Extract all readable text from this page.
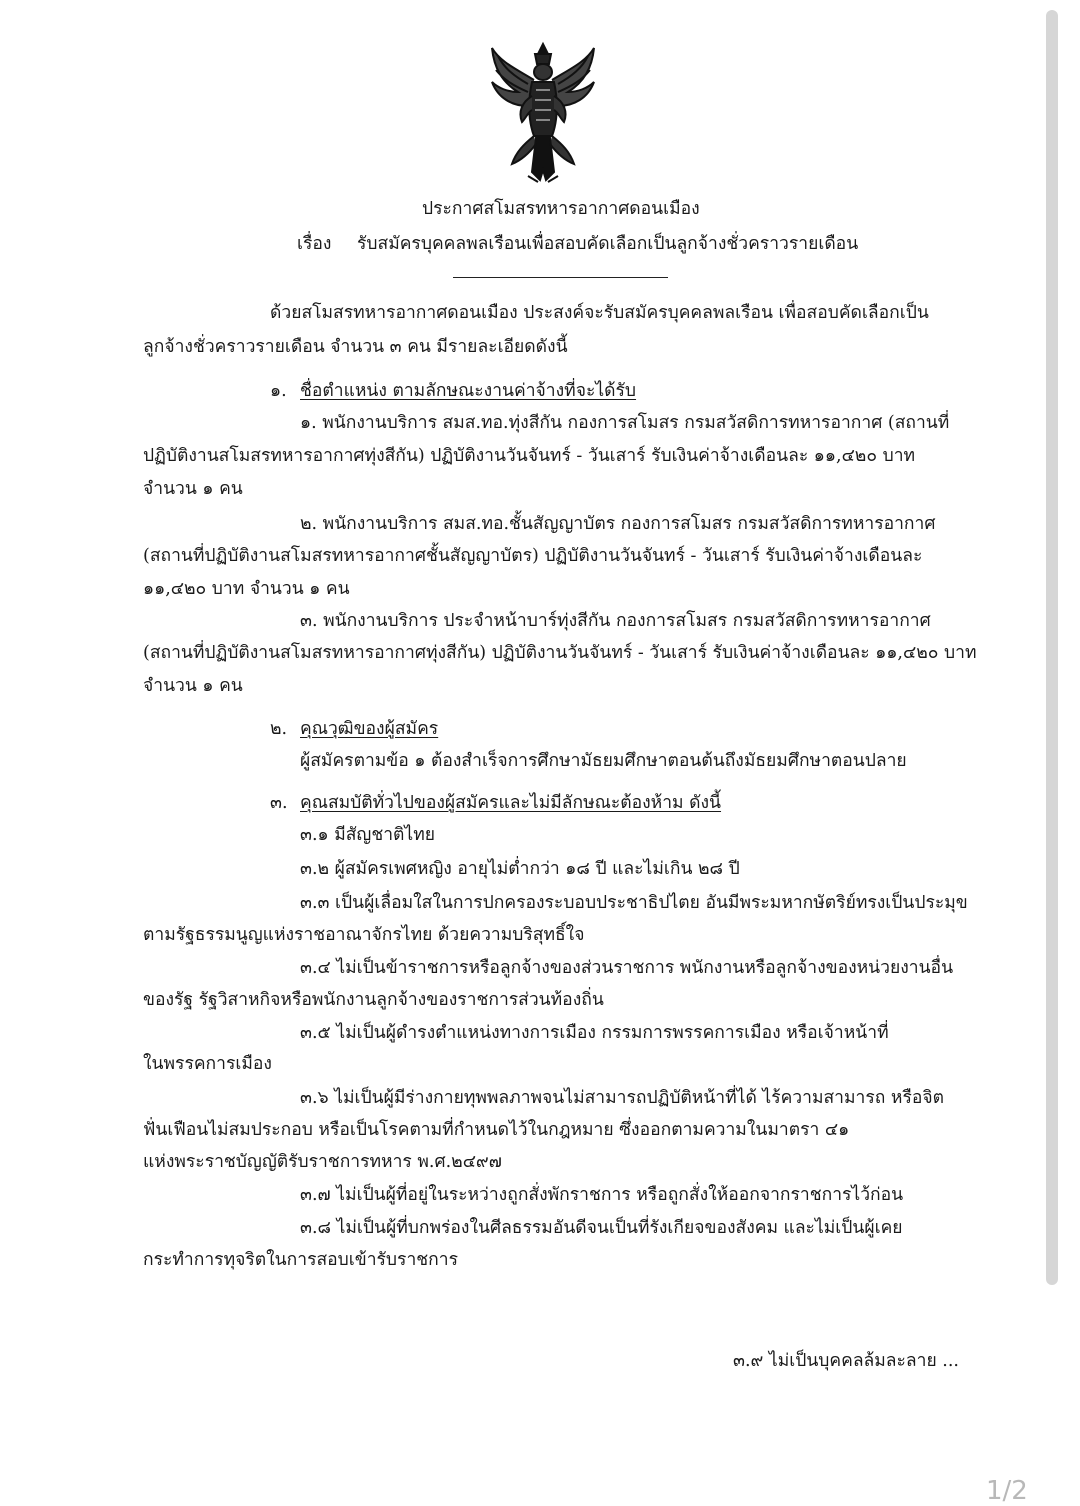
ประกาศสโมสรทหารอากาศดอนเมือง
เรื่อง รับสมัครบุคคลพลเรือนเพื่อสอบคัดเลือกเป็นลูกจ้างชั่วคราวรายเดือน
ด้วยสโมสรทหารอากาศดอนเมือง ประสงค์จะรับสมัครบุคคลพลเรือน เพื่อสอบคัดเลือกเป็น
ลูกจ้างชั่วคราวรายเดือน จำนวน ๓ คน มีรายละเอียดดังนี้
๑. ชื่อตำแหน่ง ตามลักษณะงานค่าจ้างที่จะได้รับ
๑. พนักงานบริการ สมส.ทอ.ทุ่งสีกัน กองการสโมสร กรมสวัสดิการทหารอากาศ (สถานที่
ปฏิบัติงานสโมสรทหารอากาศทุ่งสีกัน) ปฏิบัติงานวันจันทร์ - วันเสาร์ รับเงินค่าจ้างเดือนละ ๑๑,๔๒๐ บาท
จำนวน ๑ คน
๒. พนักงานบริการ สมส.ทอ.ชั้นสัญญาบัตร กองการสโมสร กรมสวัสดิการทหารอากาศ
(สถานที่ปฏิบัติงานสโมสรทหารอากาศชั้นสัญญาบัตร) ปฏิบัติงานวันจันทร์ - วันเสาร์ รับเงินค่าจ้างเดือนละ
๑๑,๔๒๐ บาท จำนวน ๑ คน
๓. พนักงานบริการ ประจำหน้าบาร์ทุ่งสีกัน กองการสโมสร กรมสวัสดิการทหารอากาศ
(สถานที่ปฏิบัติงานสโมสรทหารอากาศทุ่งสีกัน) ปฏิบัติงานวันจันทร์ - วันเสาร์ รับเงินค่าจ้างเดือนละ ๑๑,๔๒๐ บาท
จำนวน ๑ คน
๒. คุณวุฒิของผู้สมัคร
ผู้สมัครตามข้อ ๑ ต้องสำเร็จการศึกษามัธยมศึกษาตอนต้นถึงมัธยมศึกษาตอนปลาย
๓. คุณสมบัติทั่วไปของผู้สมัครและไม่มีลักษณะต้องห้าม ดังนี้
๓.๑ มีสัญชาติไทย
๓.๒ ผู้สมัครเพศหญิง อายุไม่ต่ำกว่า ๑๘ ปี และไม่เกิน ๒๘ ปี
๓.๓ เป็นผู้เลื่อมใสในการปกครองระบอบประชาธิปไตย อันมีพระมหากษัตริย์ทรงเป็นประมุข
ตามรัฐธรรมนูญแห่งราชอาณาจักรไทย ด้วยความบริสุทธิ์ใจ
๓.๔ ไม่เป็นข้าราชการหรือลูกจ้างของส่วนราชการ พนักงานหรือลูกจ้างของหน่วยงานอื่น
ของรัฐ รัฐวิสาหกิจหรือพนักงานลูกจ้างของราชการส่วนท้องถิ่น
๓.๕ ไม่เป็นผู้ดำรงตำแหน่งทางการเมือง กรรมการพรรคการเมือง หรือเจ้าหน้าที่
ในพรรคการเมือง
๓.๖ ไม่เป็นผู้มีร่างกายทุพพลภาพจนไม่สามารถปฏิบัติหน้าที่ได้ ไร้ความสามารถ หรือจิต
ฟั่นเฟือนไม่สมประกอบ หรือเป็นโรคตามที่กำหนดไว้ในกฎหมาย ซึ่งออกตามความในมาตรา ๔๑
แห่งพระราชบัญญัติรับราชการทหาร พ.ศ.๒๔๙๗
๓.๗ ไม่เป็นผู้ที่อยู่ในระหว่างถูกสั่งพักราชการ หรือถูกสั่งให้ออกจากราชการไว้ก่อน
๓.๘ ไม่เป็นผู้ที่บกพร่องในศีลธรรมอันดีจนเป็นที่รังเกียจของสังคม และไม่เป็นผู้เคย
กระทำการทุจริตในการสอบเข้ารับราชการ
๓.๙ ไม่เป็นบุคคลล้มละลาย ...
1/2
